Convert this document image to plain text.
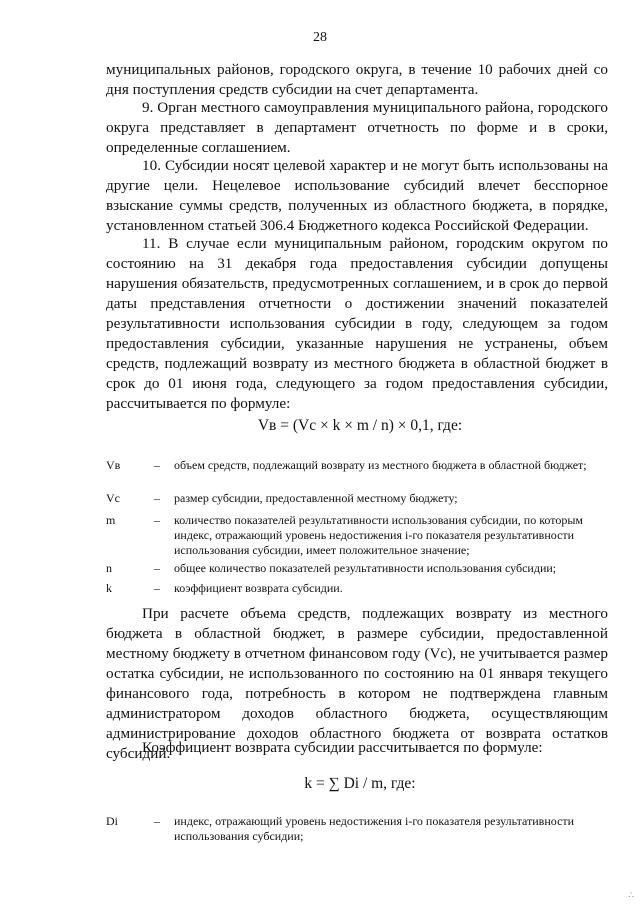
28
муниципальных районов, городского округа, в течение 10 рабочих дней со дня поступления средств субсидии на счет департамента.
9. Орган местного самоуправления муниципального района, городского округа представляет в департамент отчетность по форме и в сроки, определенные соглашением.
10. Субсидии носят целевой характер и не могут быть использованы на другие цели. Нецелевое использование субсидий влечет бесспорное взыскание суммы средств, полученных из областного бюджета, в порядке, установленном статьей 306.4 Бюджетного кодекса Российской Федерации.
11. В случае если муниципальным районом, городским округом по состоянию на 31 декабря года предоставления субсидии допущены нарушения обязательств, предусмотренных соглашением, и в срок до первой даты представления отчетности о достижении значений показателей результативности использования субсидии в году, следующем за годом предоставления субсидии, указанные нарушения не устранены, объем средств, подлежащий возврату из местного бюджета в областной бюджет в срок до 01 июня года, следующего за годом предоставления субсидии, рассчитывается по формуле:
Vв = (Vс × k × m / n) × 0,1, где:
Vв	– объем средств, подлежащий возврату из местного бюджета в областной бюджет;
Vс	– размер субсидии, предоставленной местному бюджету;
m	– количество показателей результативности использования субсидии, по которым индекс, отражающий уровень недостижения i-го показателя результативности использования субсидии, имеет положительное значение;
n	– общее количество показателей результативности использования субсидии;
k	– коэффициент возврата субсидии.
При расчете объема средств, подлежащих возврату из местного бюджета в областной бюджет, в размере субсидии, предоставленной местному бюджету в отчетном финансовом году (Vс), не учитывается размер остатка субсидии, не использованного по состоянию на 01 января текущего финансового года, потребность в котором не подтверждена главным администратором доходов областного бюджета, осуществляющим администрирование доходов областного бюджета от возврата остатков субсидий.
Коэффициент возврата субсидии рассчитывается по формуле:
k = ∑ Di / m, где:
Di	– индекс, отражающий уровень недостижения i-го показателя результативности использования субсидии;
∴
